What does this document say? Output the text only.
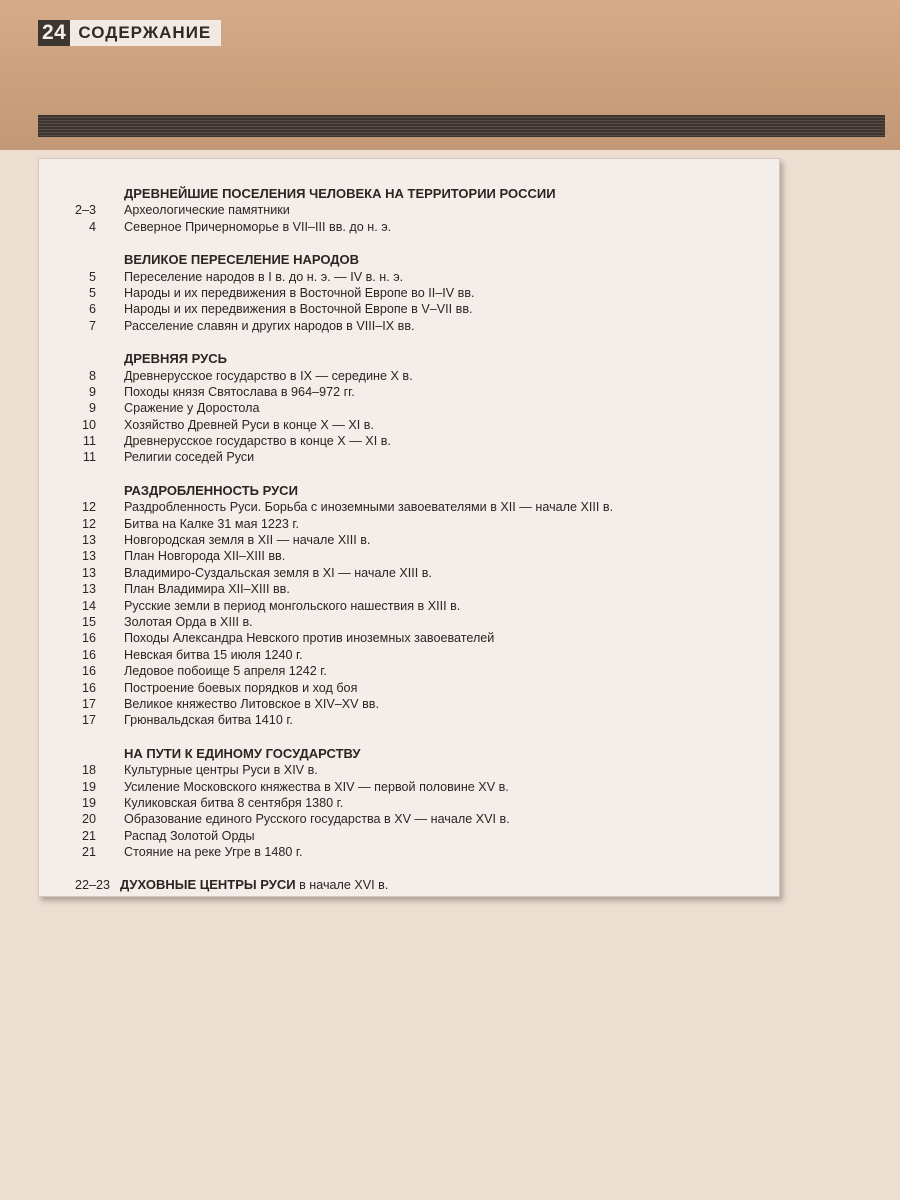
24 СОДЕРЖАНИЕ
ДРЕВНЕЙШИЕ ПОСЕЛЕНИЯ ЧЕЛОВЕКА НА ТЕРРИТОРИИ РОССИИ
2–3 Археологические памятники
4 Северное Причерноморье в VII–III вв. до н. э.
ВЕЛИКОЕ ПЕРЕСЕЛЕНИЕ НАРОДОВ
5 Переселение народов в I в. до н. э. — IV в. н. э.
5 Народы и их передвижения в Восточной Европе во II–IV вв.
6 Народы и их передвижения в Восточной Европе в V–VII вв.
7 Расселение славян и других народов в VIII–IX вв.
ДРЕВНЯЯ РУСЬ
8 Древнерусское государство в IX — середине X в.
9 Походы князя Святослава в 964–972 гг.
9 Сражение у Доростола
10 Хозяйство Древней Руси в конце X — XI в.
11 Древнерусское государство в конце X — XI в.
11 Религии соседей Руси
РАЗДРОБЛЕННОСТЬ РУСИ
12 Раздробленность Руси. Борьба с иноземными завоевателями в XII — начале XIII в.
12 Битва на Калке 31 мая 1223 г.
13 Новгородская земля в XII — начале XIII в.
13 План Новгорода XII–XIII вв.
13 Владимиро-Суздальская земля в XI — начале XIII в.
13 План Владимира XII–XIII вв.
14 Русские земли в период монгольского нашествия в XIII в.
15 Золотая Орда в XIII в.
16 Походы Александра Невского против иноземных завоевателей
16 Невская битва 15 июля 1240 г.
16 Ледовое побоище 5 апреля 1242 г.
16 Построение боевых порядков и ход боя
17 Великое княжество Литовское в XIV–XV вв.
17 Грюнвальдская битва 1410 г.
НА ПУТИ К ЕДИНОМУ ГОСУДАРСТВУ
18 Культурные центры Руси в XIV в.
19 Усиление Московского княжества в XIV — первой половине XV в.
19 Куликовская битва 8 сентября 1380 г.
20 Образование единого Русского государства в XV — начале XVI в.
21 Распад Золотой Орды
21 Стояние на реке Угре в 1480 г.
22–23 ДУХОВНЫЕ ЦЕНТРЫ РУСИ в начале XVI в.
